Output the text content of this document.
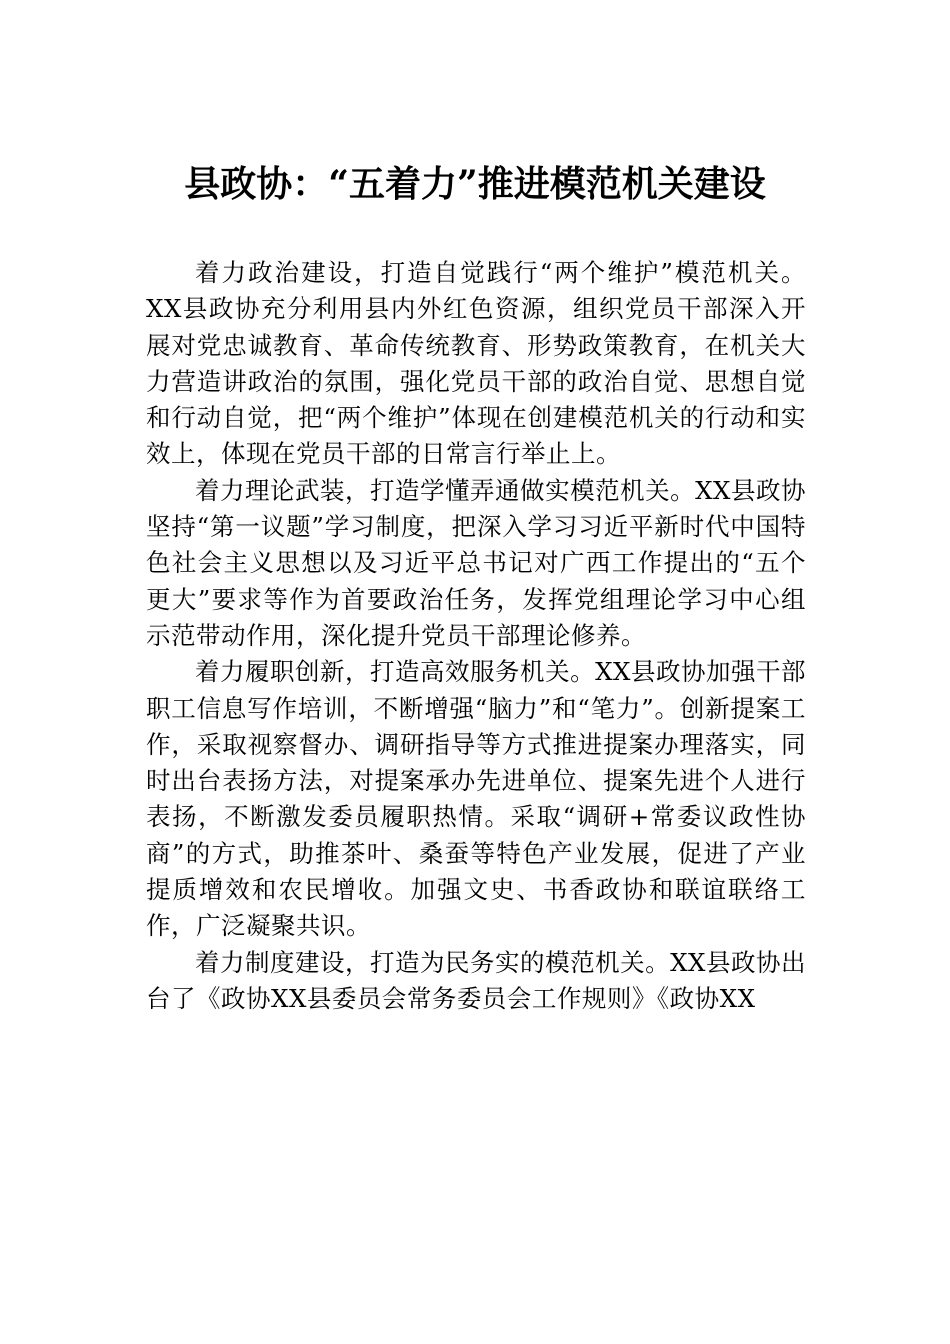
县政协：“五着力”推进模范机关建设

着力政治建设，打造自觉践行“两个维护”模范机关。XX县政协充分利用县内外红色资源，组织党员干部深入开展对党忠诚教育、革命传统教育、形势政策教育，在机关大力营造讲政治的氛围，强化党员干部的政治自觉、思想自觉和行动自觉，把“两个维护”体现在创建模范机关的行动和实效上，体现在党员干部的日常言行举止上。

着力理论武装，打造学懂弄通做实模范机关。XX县政协坚持“第一议题”学习制度，把深入学习习近平新时代中国特色社会主义思想以及习近平总书记对广西工作提出的“五个更大”要求等作为首要政治任务，发挥党组理论学习中心组示范带动作用，深化提升党员干部理论修养。

着力履职创新，打造高效服务机关。XX县政协加强干部职工信息写作培训，不断增强“脑力”和“笔力”。创新提案工作，采取视察督办、调研指导等方式推进提案办理落实，同时出台表扬方法，对提案承办先进单位、提案先进个人进行表扬，不断激发委员履职热情。采取“调研+常委议政性协商”的方式，助推茶叶、桑蚕等特色产业发展，促进了产业提质增效和农民增收。加强文史、书香政协和联谊联络工作，广泛凝聚共识。

着力制度建设，打造为民务实的模范机关。XX县政协出台了《政协XX县委员会常务委员会工作规则》《政协XX
